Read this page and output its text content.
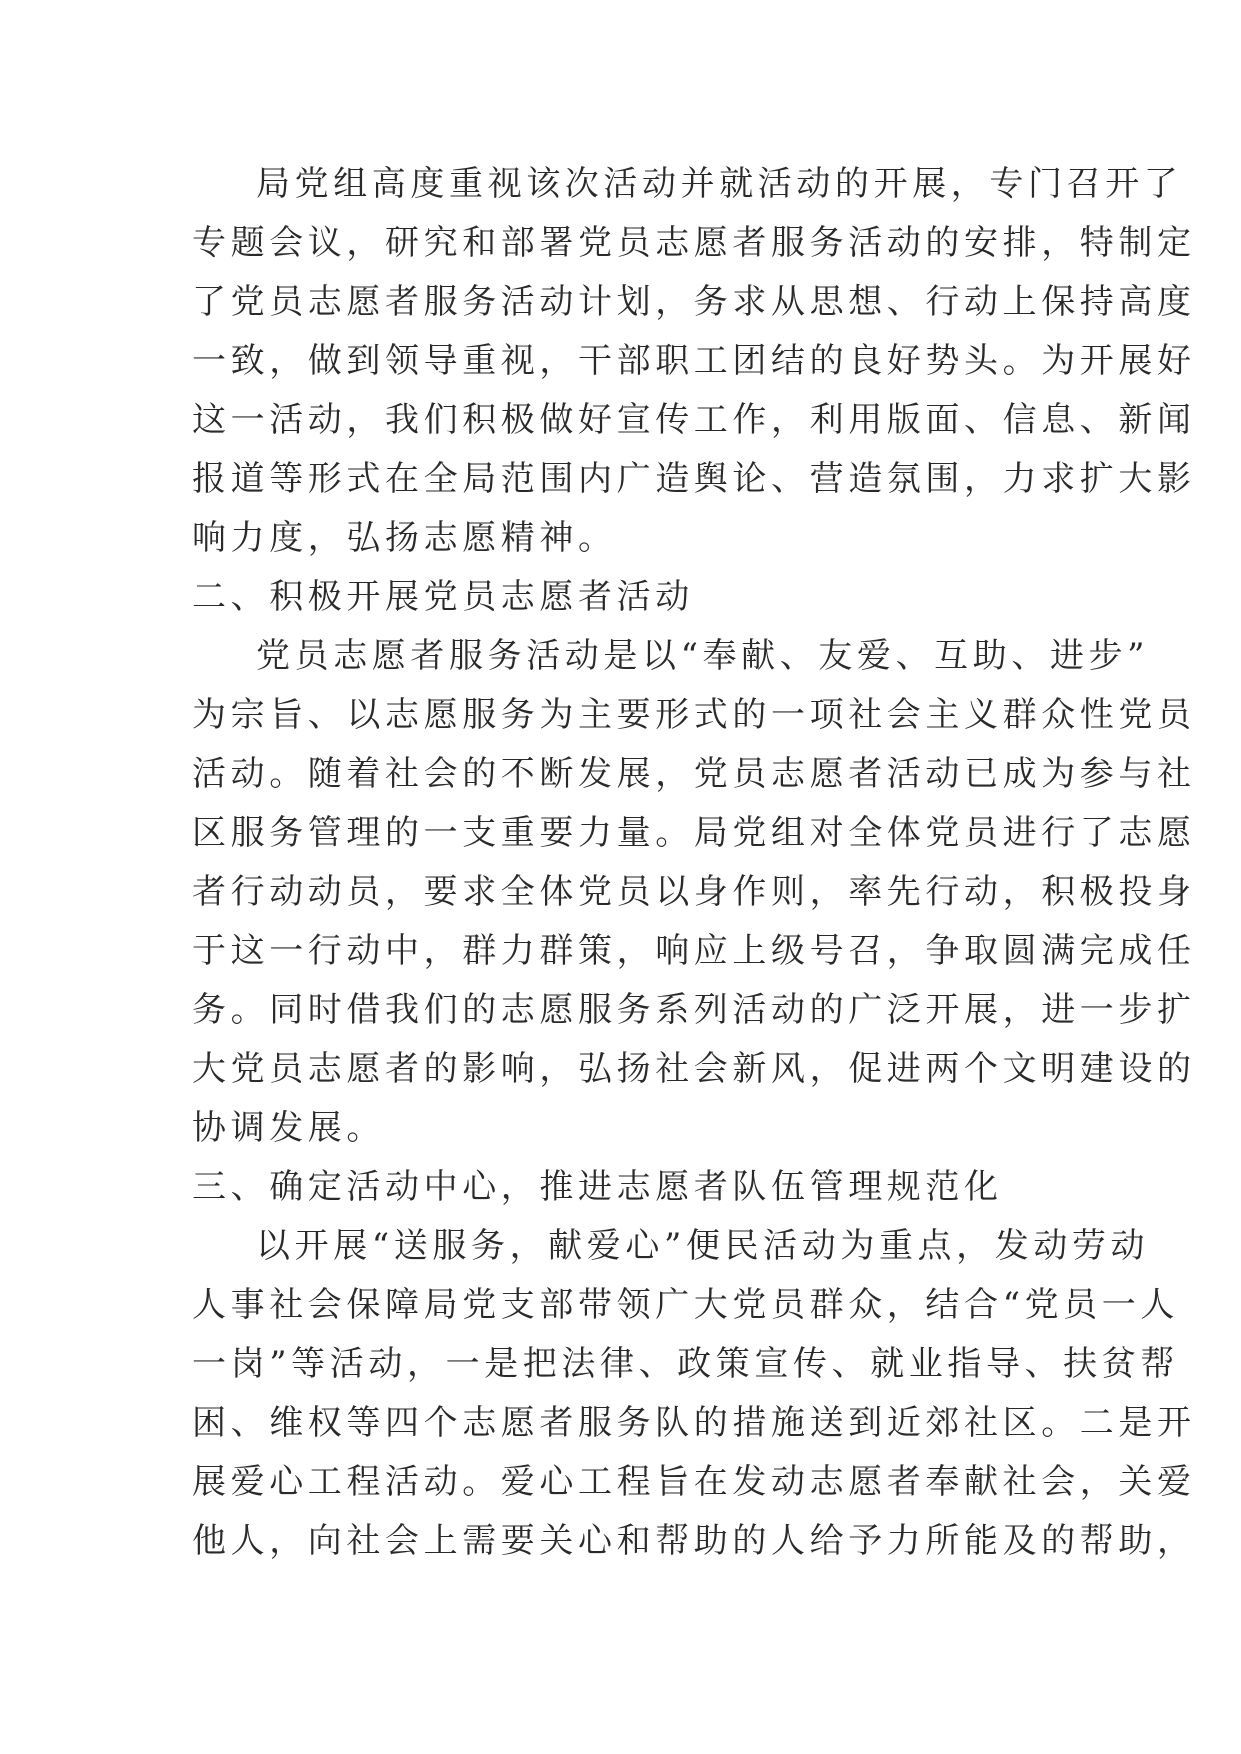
局党组高度重视该次活动并就活动的开展，专门召开了
专题会议，研究和部署党员志愿者服务活动的安排，特制定
了党员志愿者服务活动计划，务求从思想、行动上保持高度
一致，做到领导重视，干部职工团结的良好势头。为开展好
这一活动，我们积极做好宣传工作，利用版面、信息、新闻
报道等形式在全局范围内广造舆论、营造氛围，力求扩大影
响力度，弘扬志愿精神。
二、积极开展党员志愿者活动
党员志愿者服务活动是以“奉献、友爱、互助、进步”
为宗旨、以志愿服务为主要形式的一项社会主义群众性党员
活动。随着社会的不断发展，党员志愿者活动已成为参与社
区服务管理的一支重要力量。局党组对全体党员进行了志愿
者行动动员，要求全体党员以身作则，率先行动，积极投身
于这一行动中，群力群策，响应上级号召，争取圆满完成任
务。同时借我们的志愿服务系列活动的广泛开展，进一步扩
大党员志愿者的影响，弘扬社会新风，促进两个文明建设的
协调发展。
三、确定活动中心，推进志愿者队伍管理规范化
以开展“送服务，献爱心”便民活动为重点，发动劳动
人事社会保障局党支部带领广大党员群众，结合“党员一人
一岗”等活动，一是把法律、政策宣传、就业指导、扶贫帮
困、维权等四个志愿者服务队的措施送到近郊社区。二是开
展爱心工程活动。爱心工程旨在发动志愿者奉献社会，关爱
他人，向社会上需要关心和帮助的人给予力所能及的帮助，
